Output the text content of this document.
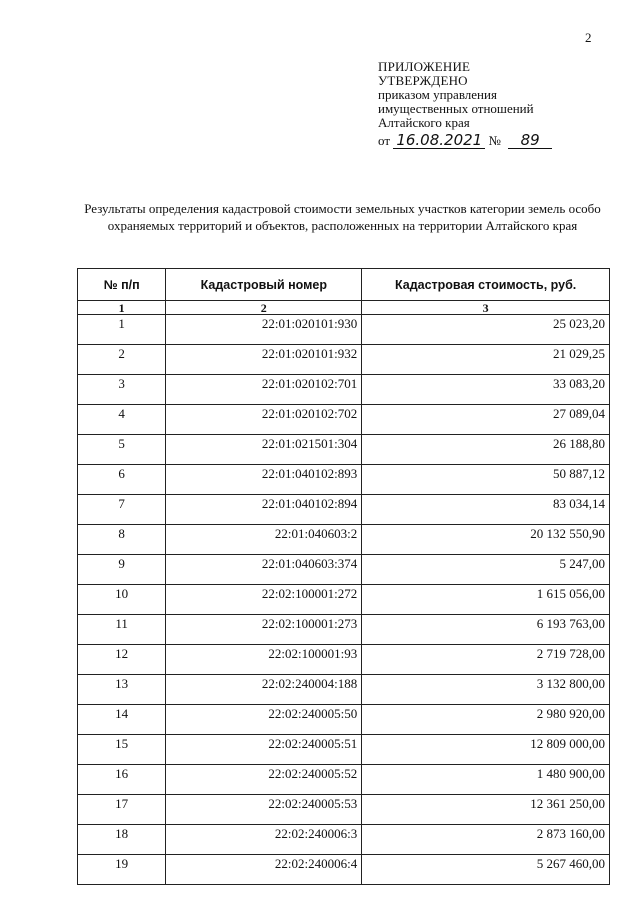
2
ПРИЛОЖЕНИЕ
УТВЕРЖДЕНО
приказом управления
имущественных отношений
Алтайского края
от 16.08.2021 № 89
Результаты определения кадастровой стоимости земельных участков категории земель особо охраняемых территорий и объектов, расположенных на территории Алтайского края
№ п/п	Кадастровый номер	Кадастровая стоимость, руб.
1	2	3
1	22:01:020101:930	25 023,20
2	22:01:020101:932	21 029,25
3	22:01:020102:701	33 083,20
4	22:01:020102:702	27 089,04
5	22:01:021501:304	26 188,80
6	22:01:040102:893	50 887,12
7	22:01:040102:894	83 034,14
8	22:01:040603:2	20 132 550,90
9	22:01:040603:374	5 247,00
10	22:02:100001:272	1 615 056,00
11	22:02:100001:273	6 193 763,00
12	22:02:100001:93	2 719 728,00
13	22:02:240004:188	3 132 800,00
14	22:02:240005:50	2 980 920,00
15	22:02:240005:51	12 809 000,00
16	22:02:240005:52	1 480 900,00
17	22:02:240005:53	12 361 250,00
18	22:02:240006:3	2 873 160,00
19	22:02:240006:4	5 267 460,00
